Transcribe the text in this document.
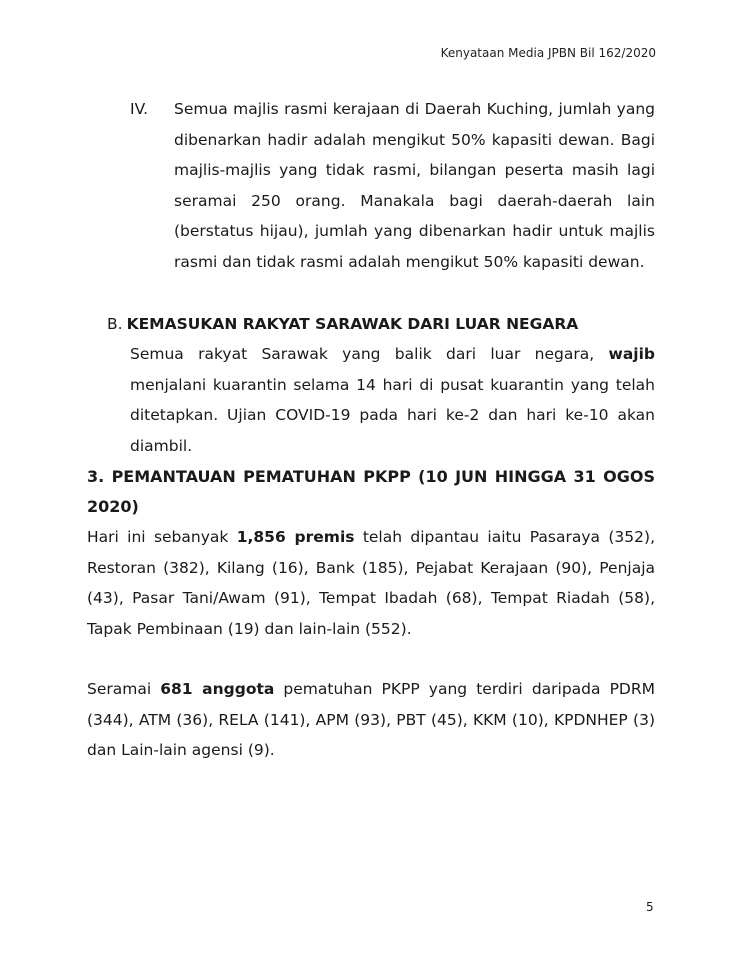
Kenyataan Media JPBN Bil 162/2020
IV. Semua majlis rasmi kerajaan di Daerah Kuching, jumlah yang dibenarkan hadir adalah mengikut 50% kapasiti dewan. Bagi majlis-majlis yang tidak rasmi, bilangan peserta masih lagi seramai 250 orang. Manakala bagi daerah-daerah lain (berstatus hijau), jumlah yang dibenarkan hadir untuk majlis rasmi dan tidak rasmi adalah mengikut 50% kapasiti dewan.

B. KEMASUKAN RAKYAT SARAWAK DARI LUAR NEGARA

Semua rakyat Sarawak yang balik dari luar negara, wajib menjalani kuarantin selama 14 hari di pusat kuarantin yang telah ditetapkan. Ujian COVID-19 pada hari ke-2 dan hari ke-10 akan diambil.

3. PEMANTAUAN PEMATUHAN PKPP (10 JUN HINGGA 31 OGOS 2020)

Hari ini sebanyak 1,856 premis telah dipantau iaitu Pasaraya (352), Restoran (382), Kilang (16), Bank (185), Pejabat Kerajaan (90), Penjaja (43), Pasar Tani/Awam (91), Tempat Ibadah (68), Tempat Riadah (58), Tapak Pembinaan (19) dan lain-lain (552).

Seramai 681 anggota pematuhan PKPP yang terdiri daripada PDRM (344), ATM (36), RELA (141), APM (93), PBT (45), KKM (10), KPDNHEP (3) dan Lain-lain agensi (9).

5
